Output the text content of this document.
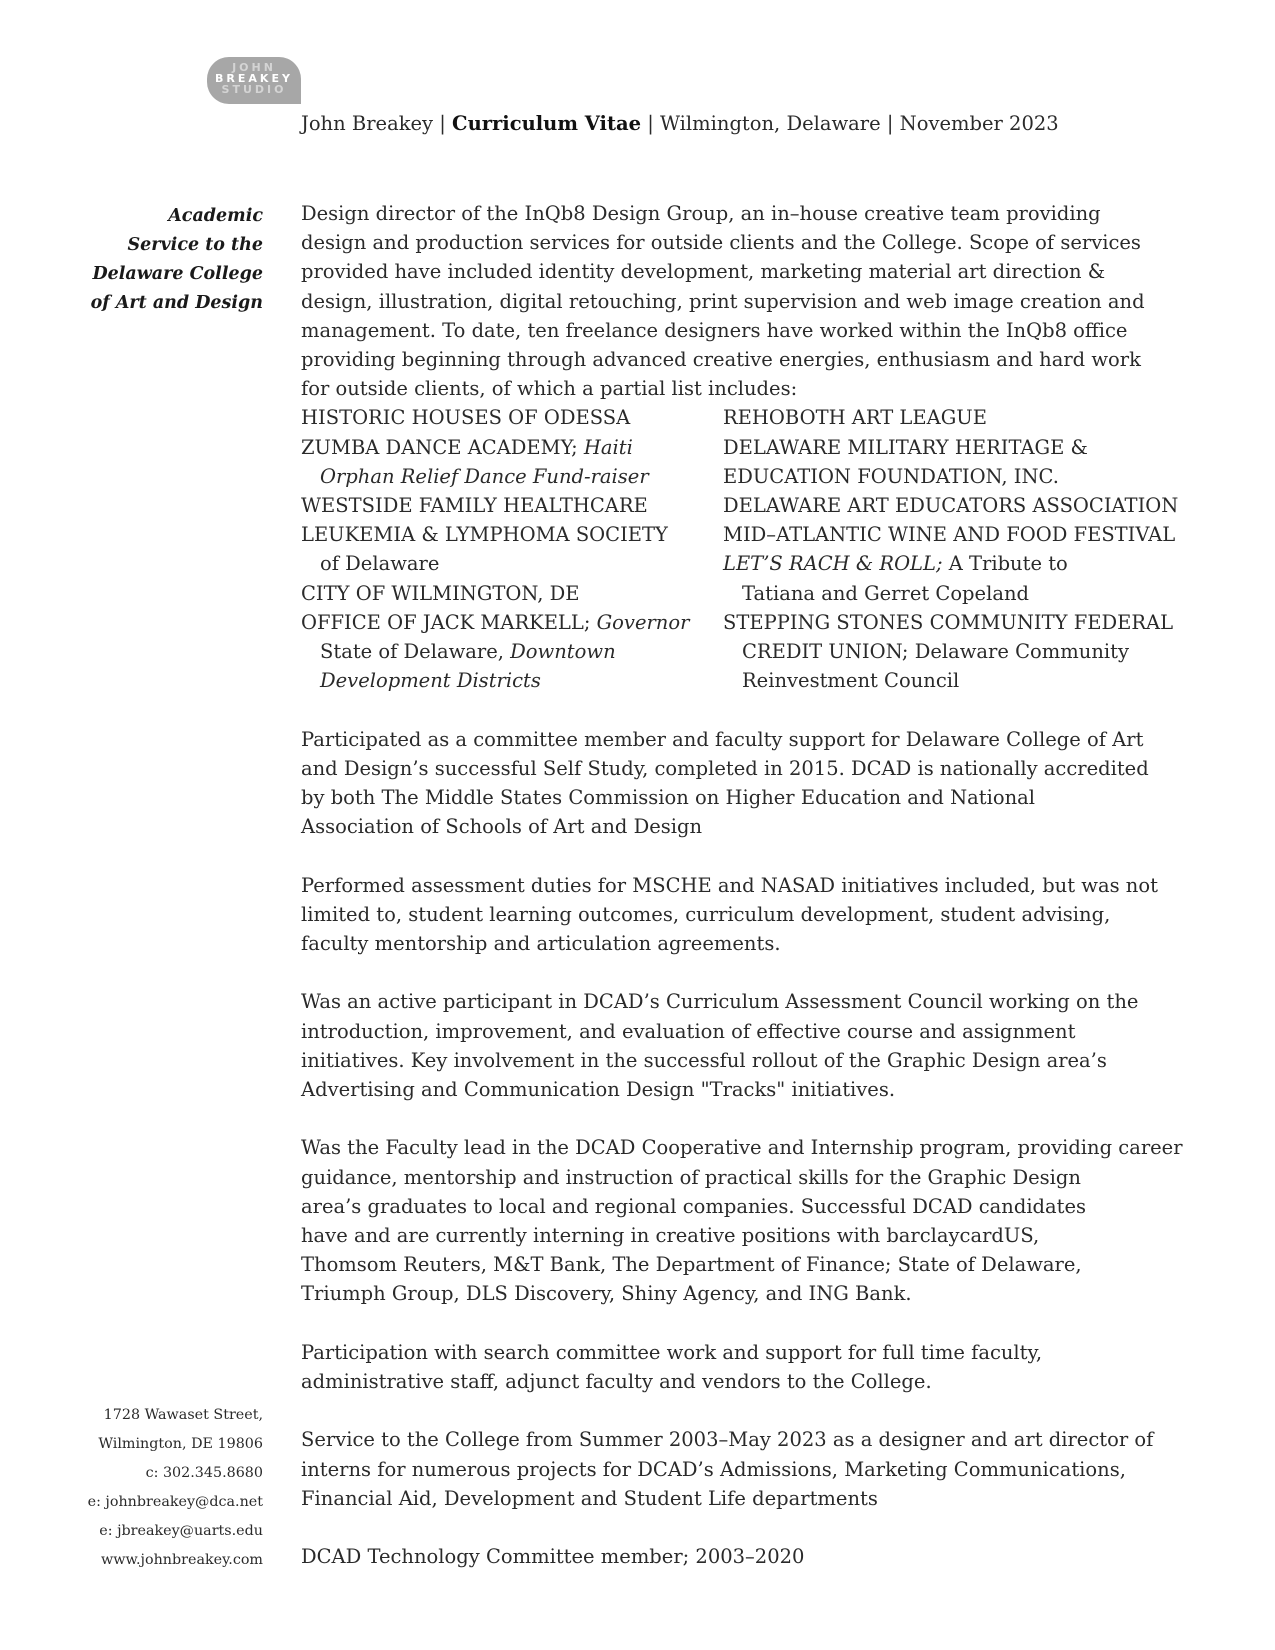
JOHN
BREAKEY
STUDIO
John Breakey | Curriculum Vitae | Wilmington, Delaware | November 2023
Academic
Service to the
Delaware College
of Art and Design

Design director of the InQb8 Design Group, an in–house creative team providing

design and production services for outside clients and the College. Scope of services

provided have included identity development, marketing material art direction &

design, illustration, digital retouching, print supervision and web image creation and

management. To date, ten freelance designers have worked within the InQb8 office

providing beginning through advanced creative energies, enthusiasm and hard work

for outside clients, of which a partial list includes:

HISTORIC HOUSES OF ODESSA
ZUMBA DANCE ACADEMY; Haiti
Orphan Relief Dance Fund-raiser
WESTSIDE FAMILY HEALTHCARE
LEUKEMIA & LYMPHOMA SOCIETY
of Delaware
CITY OF WILMINGTON, DE
OFFICE OF JACK MARKELL; Governor
State of Delaware, Downtown
Development Districts
REHOBOTH ART LEAGUE
DELAWARE MILITARY HERITAGE &
EDUCATION FOUNDATION, INC.
DELAWARE ART EDUCATORS ASSOCIATION
MID–ATLANTIC WINE AND FOOD FESTIVAL
LET’S RACH & ROLL; A Tribute to
Tatiana and Gerret Copeland
STEPPING STONES COMMUNITY FEDERAL
CREDIT UNION; Delaware Community
Reinvestment Council

Participated as a committee member and faculty support for Delaware College of Art

and Design’s successful Self Study, completed in 2015. DCAD is nationally accredited

by both The Middle States Commission on Higher Education and National

Association of Schools of Art and Design

Performed assessment duties for MSCHE and NASAD initiatives included, but was not

limited to, student learning outcomes, curriculum development, student advising,

faculty mentorship and articulation agreements.

Was an active participant in DCAD’s Curriculum Assessment Council working on the

introduction, improvement, and evaluation of effective course and assignment

initiatives. Key involvement in the successful rollout of the Graphic Design area’s

Advertising and Communication Design "Tracks" initiatives.

Was the Faculty lead in the DCAD Cooperative and Internship program, providing career

guidance, mentorship and instruction of practical skills for the Graphic Design

area’s graduates to local and regional companies. Successful DCAD candidates

have and are currently interning in creative positions with barclaycardUS,

Thomsom Reuters, M&T Bank, The Department of Finance; State of Delaware,

Triumph Group, DLS Discovery, Shiny Agency, and ING Bank.

Participation with search committee work and support for full time faculty,

administrative staff, adjunct faculty and vendors to the College.

Service to the College from Summer 2003–May 2023 as a designer and art director of

interns for numerous projects for DCAD’s Admissions, Marketing Communications,

Financial Aid, Development and Student Life departments

DCAD Technology Committee member; 2003–2020

1728 Wawaset Street,
Wilmington, DE 19806
c: 302.345.8680
e: johnbreakey@dca.net
e: jbreakey@uarts.edu
www.johnbreakey.com
